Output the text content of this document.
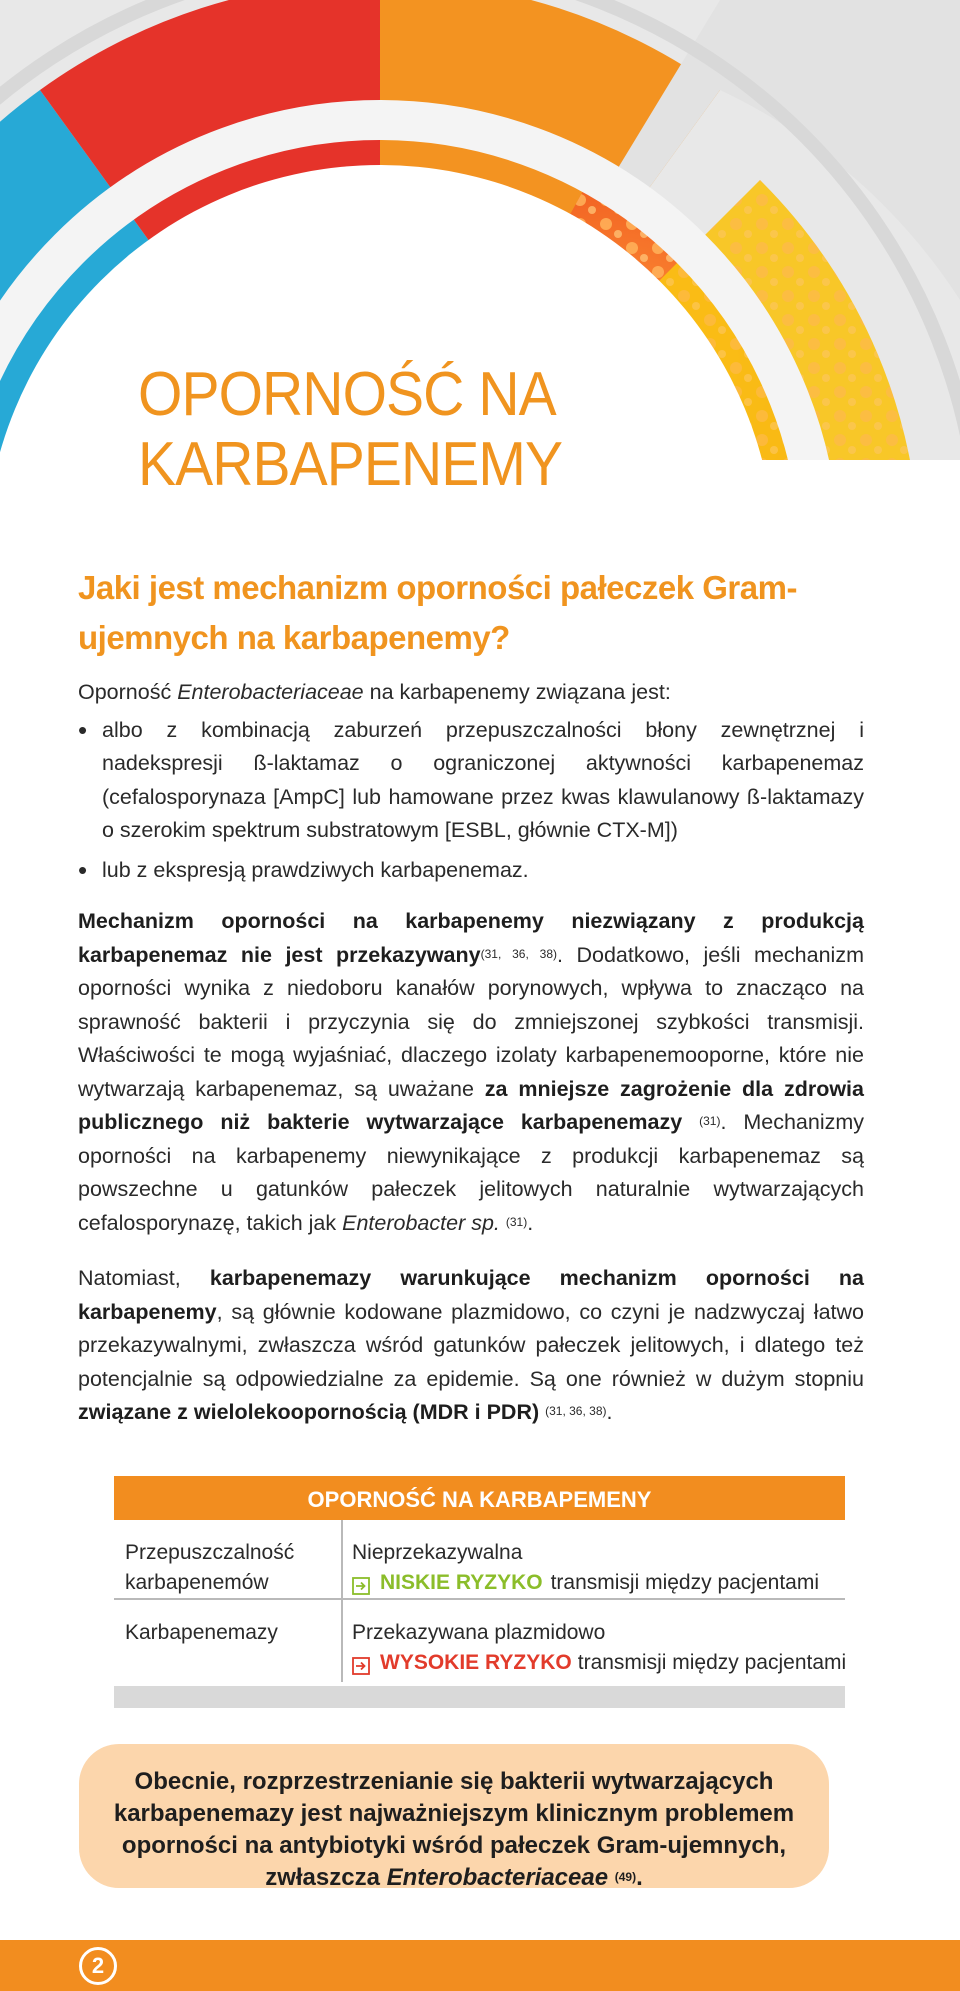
OPORNOŚĆ NA
KARBAPENEMY
Jaki jest mechanizm oporności pałeczek Gram-ujemnych na karbapenemy?

Oporność Enterobacteriaceae na karbapenemy związana jest:

• albo z kombinacją zaburzeń przepuszczalności błony zewnętrznej i nadekspresji ß-laktamaz o ograniczonej aktywności karbapenemaz (cefalosporynaza [AmpC] lub hamowane przez kwas klawulanowy ß-laktamazy o szerokim spektrum substratowym [ESBL, głównie CTX-M])
• lub z ekspresją prawdziwych karbapenemaz.

Mechanizm oporności na karbapenemy niezwiązany z produkcją karbapenemaz nie jest przekazywany$^{(31, 36, 38)}$. Dodatkowo, jeśli mechanizm oporności wynika z niedoboru kanałów porynowych, wpływa to znacząco na sprawność bakterii i przyczynia się do zmniejszonej szybkości transmisji. Właściwości te mogą wyjaśniać, dlaczego izolaty karbapenemooporne, które nie wytwarzają karbapenemaz, są uważane za mniejsze zagrożenie dla zdrowia publicznego niż bakterie wytwarzające karbapenemazy $^{(31)}$. Mechanizmy oporności na karbapenemy niewynikające z produkcji karbapenemaz są powszechne u gatunków pałeczek jelitowych naturalnie wytwarzających cefalosporynazę, takich jak Enterobacter sp. $^{(31)}$.

Natomiast, karbapenemazy warunkujące mechanizm oporności na karbapenemy, są głównie kodowane plazmidowo, co czyni je nadzwyczaj łatwo przekazywalnymi, zwłaszcza wśród gatunków pałeczek jelitowych, i dlatego też potencjalnie są odpowiedzialne za epidemie. Są one również w dużym stopniu związane z wielolekoopornością (MDR i PDR) $^{(31, 36, 38)}$.

OPORNOŚĆ NA KARBAPEMENY
Przepuszczalność
karbapenemów
Nieprzekazywalna
NISKIE RYZYKO transmisji między pacjentami
Karbapenemazy	Przekazywana plazmidowo
WYSOKIE RYZYKO transmisji między pacjentami
Obecnie, rozprzestrzenianie się bakterii wytwarzających
karbapenemazy jest najważniejszym klinicznym problemem
oporności na antybiotyki wśród pałeczek Gram-ujemnych,
zwłaszcza Enterobacteriaceae $^{(49)}$.
2
